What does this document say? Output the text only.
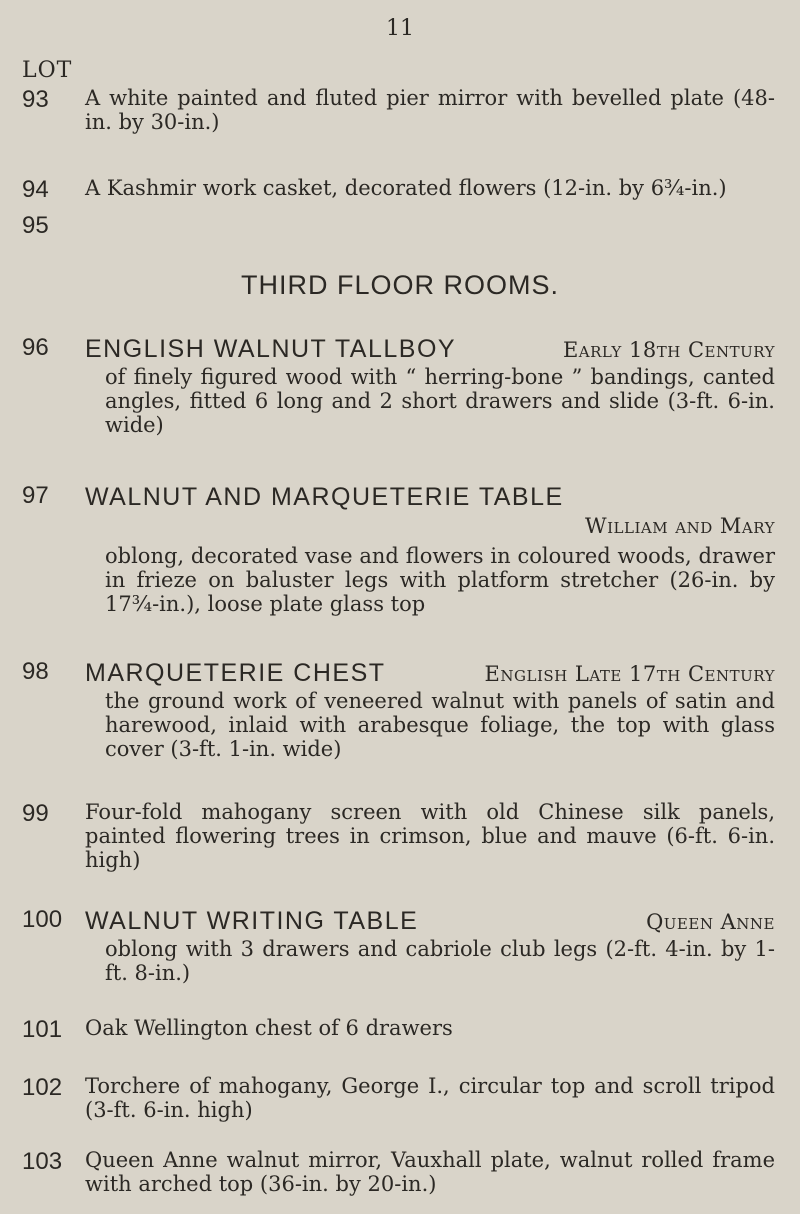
11
LOT
93 A white painted and fluted pier mirror with bevelled plate (48-in. by 30-in.)
94 A Kashmir work casket, decorated flowers (12-in. by 6¾-in.)
95
THIRD FLOOR ROOMS.
96 ENGLISH WALNUT TALLBOY	Early 18th Century
of finely figured wood with “ herring-bone ” bandings, canted angles, fitted 6 long and 2 short drawers and slide (3-ft. 6-in. wide)
97 WALNUT AND MARQUETERIE TABLE
William and Mary
oblong, decorated vase and flowers in coloured woods, drawer in frieze on baluster legs with platform stretcher (26-in. by 17¾-in.), loose plate glass top
98 MARQUETERIE CHEST	English Late 17th Century
the ground work of veneered walnut with panels of satin and harewood, inlaid with arabesque foliage, the top with glass cover (3-ft. 1-in. wide)
99 Four-fold mahogany screen with old Chinese silk panels, painted flowering trees in crimson, blue and mauve (6-ft. 6-in. high)
100 WALNUT WRITING TABLE	Queen Anne
oblong with 3 drawers and cabriole club legs (2-ft. 4-in. by 1-ft. 8-in.)
101 Oak Wellington chest of 6 drawers
102 Torchere of mahogany, George I., circular top and scroll tripod (3-ft. 6-in. high)
103 Queen Anne walnut mirror, Vauxhall plate, walnut rolled frame with arched top (36-in. by 20-in.)
